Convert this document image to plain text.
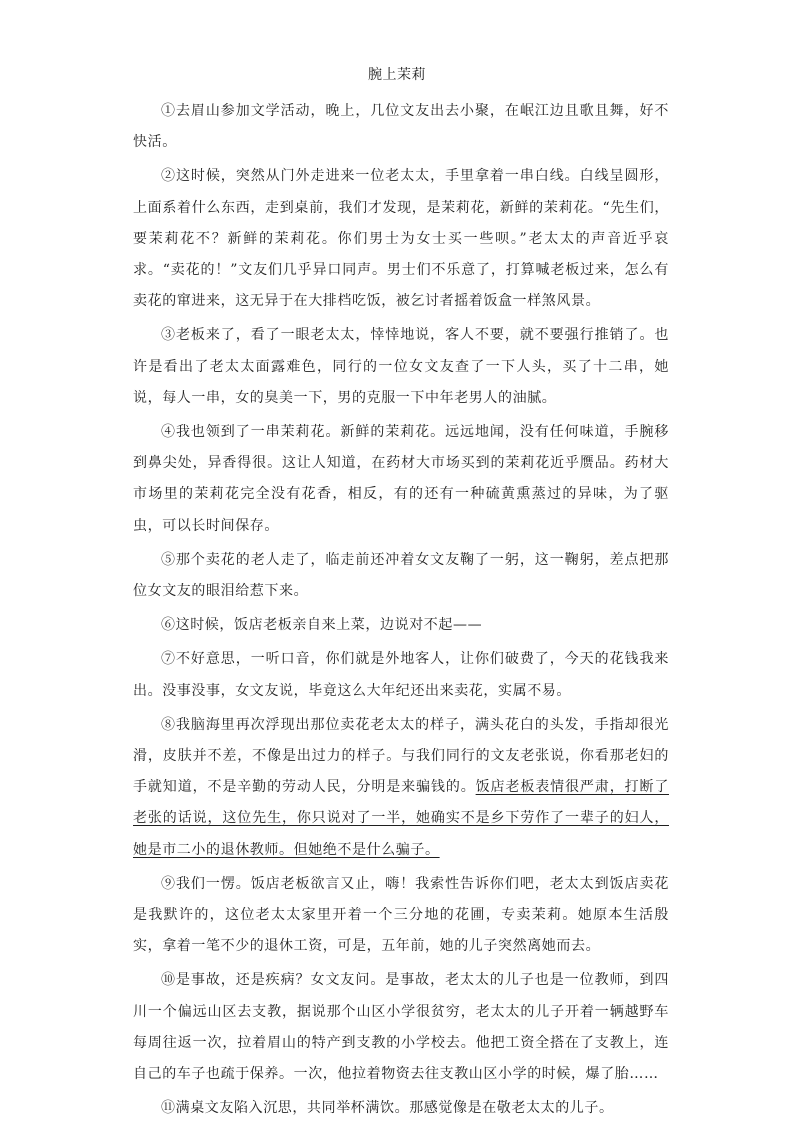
腕上茉莉

①去眉山参加文学活动，晚上，几位文友出去小聚，在岷江边且歌且舞，好不快活。

②这时候，突然从门外走进来一位老太太，手里拿着一串白线。白线呈圆形，上面系着什么东西，走到桌前，我们才发现，是茉莉花，新鲜的茉莉花。“先生们，要茉莉花不？新鲜的茉莉花。你们男士为女士买一些呗。”老太太的声音近乎哀求。“卖花的！”文友们几乎异口同声。男士们不乐意了，打算喊老板过来，怎么有卖花的窜进来，这无异于在大排档吃饭，被乞讨者摇着饭盒一样煞风景。

③老板来了，看了一眼老太太，悻悻地说，客人不要，就不要强行推销了。也许是看出了老太太面露难色，同行的一位女文友查了一下人头，买了十二串，她说，每人一串，女的臭美一下，男的克服一下中年老男人的油腻。

④我也领到了一串茉莉花。新鲜的茉莉花。远远地闻，没有任何味道，手腕移到鼻尖处，异香得很。这让人知道，在药材大市场买到的茉莉花近乎赝品。药材大市场里的茉莉花完全没有花香，相反，有的还有一种硫黄熏蒸过的异味，为了驱虫，可以长时间保存。

⑤那个卖花的老人走了，临走前还冲着女文友鞠了一躬，这一鞠躬，差点把那位女文友的眼泪给惹下来。

⑥这时候，饭店老板亲自来上菜，边说对不起——

⑦不好意思，一听口音，你们就是外地客人，让你们破费了，今天的花钱我来出。没事没事，女文友说，毕竟这么大年纪还出来卖花，实属不易。

⑧我脑海里再次浮现出那位卖花老太太的样子，满头花白的头发，手指却很光滑，皮肤并不差，不像是出过力的样子。与我们同行的文友老张说，你看那老妇的手就知道，不是辛勤的劳动人民，分明是来骗钱的。饭店老板表情很严肃，打断了老张的话说，这位先生，你只说对了一半，她确实不是乡下劳作了一辈子的妇人，她是市二小的退休教师。但她绝不是什么骗子。

⑨我们一愣。饭店老板欲言又止，嗨！我索性告诉你们吧，老太太到饭店卖花是我默许的，这位老太太家里开着一个三分地的花圃，专卖茉莉。她原本生活殷实，拿着一笔不少的退休工资，可是，五年前，她的儿子突然离她而去。

⑩是事故，还是疾病？女文友问。是事故，老太太的儿子也是一位教师，到四川一个偏远山区去支教，据说那个山区小学很贫穷，老太太的儿子开着一辆越野车每周往返一次，拉着眉山的特产到支教的小学校去。他把工资全搭在了支教上，连自己的车子也疏于保养。一次，他拉着物资去往支教山区小学的时候，爆了胎……

⑪满桌文友陷入沉思，共同举杯满饮。那感觉像是在敬老太太的儿子。
